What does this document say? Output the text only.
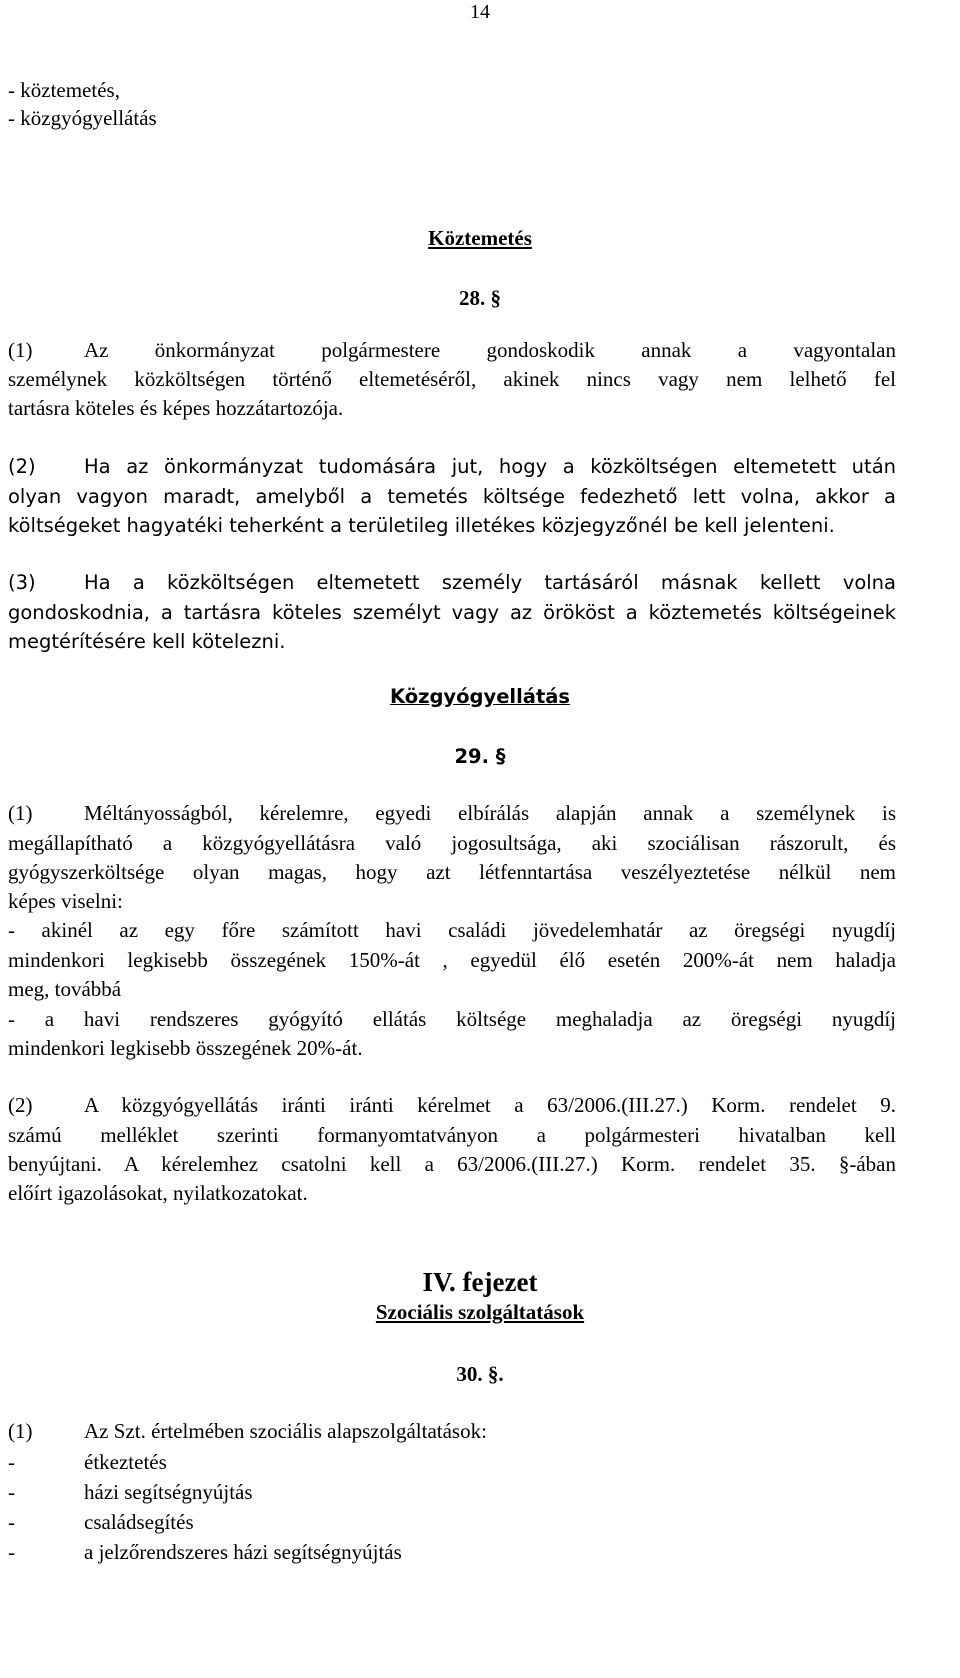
14
- köztemetés,
- közgyógyellátás
Köztemetés
28. §
(1) Az önkormányzat polgármestere gondoskodik annak a vagyontalan
személynek közköltségen történő eltemetéséről, akinek nincs vagy nem lelhető fel
tartásra köteles és képes hozzátartozója.
(2) Ha az önkormányzat tudomására jut, hogy a közköltségen eltemetett után
olyan vagyon maradt, amelyből a temetés költsége fedezhető lett volna, akkor a
költségeket hagyatéki teherként a területileg illetékes közjegyzőnél be kell jelenteni.
(3) Ha a közköltségen eltemetett személy tartásáról másnak kellett volna
gondoskodnia, a tartásra köteles személyt vagy az örököst a köztemetés költségeinek
megtérítésére kell kötelezni.
Közgyógyellátás
29. §
(1) Méltányosságból, kérelemre, egyedi elbírálás alapján annak a személynek is
megállapítható a közgyógyellátásra való jogosultsága, aki szociálisan rászorult, és
gyógyszerköltsége olyan magas, hogy azt létfenntartása veszélyeztetése nélkül nem
képes viselni:
- akinél az egy főre számított havi családi jövedelemhatár az öregségi nyugdíj
mindenkori legkisebb összegének 150%-át , egyedül élő esetén 200%-át nem haladja
meg, továbbá
- a havi rendszeres gyógyító ellátás költsége meghaladja az öregségi nyugdíj
mindenkori legkisebb összegének 20%-át.
(2) A közgyógyellátás iránti iránti kérelmet a 63/2006.(III.27.) Korm. rendelet 9.
számú melléklet szerinti formanyomtatványon a polgármesteri hivatalban kell
benyújtani. A kérelemhez csatolni kell a 63/2006.(III.27.) Korm. rendelet 35. §-ában
előírt igazolásokat, nyilatkozatokat.
IV. fejezet
Szociális szolgáltatások
30. §.
(1) Az Szt. értelmében szociális alapszolgáltatások:
-	étkeztetés
-	házi segítségnyújtás
-	családsegítés
-	a jelzőrendszeres házi segítségnyújtás
